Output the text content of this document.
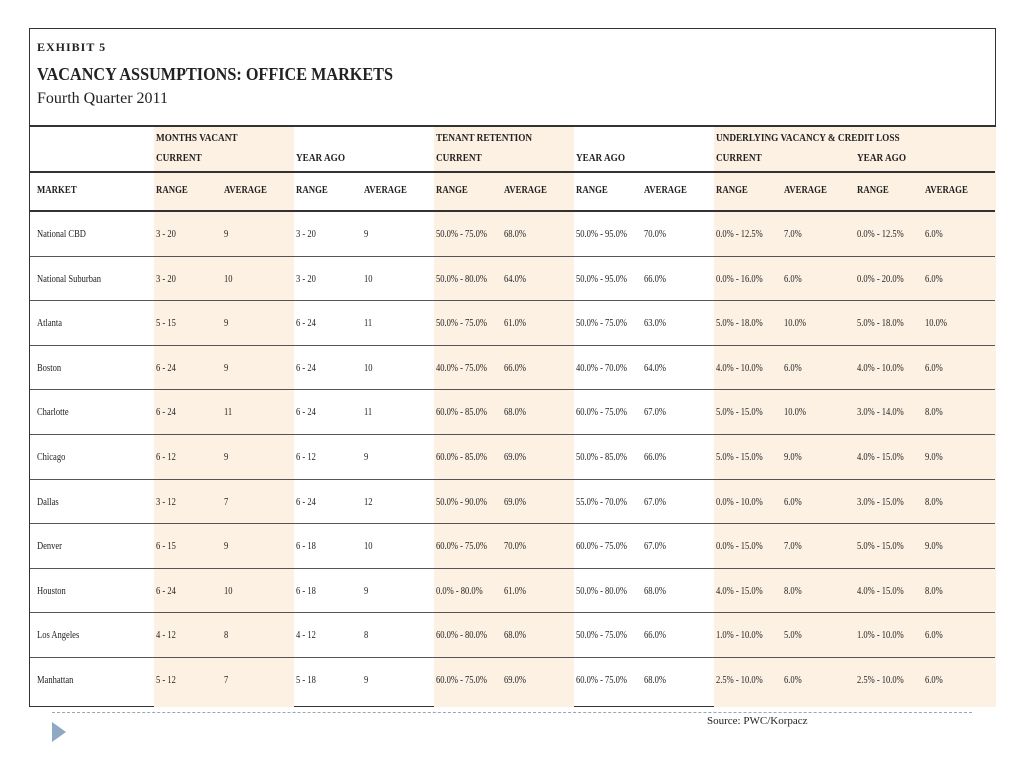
EXHIBIT 5
VACANCY ASSUMPTIONS: OFFICE MARKETS
Fourth Quarter 2011
MONTHS VACANT	TENANT RETENTION	UNDERLYING VACANCY & CREDIT LOSS
CURRENT	YEAR AGO	CURRENT	YEAR AGO	CURRENT	YEAR AGO
MARKET	RANGE	AVERAGE	RANGE	AVERAGE	RANGE	AVERAGE	RANGE	AVERAGE	RANGE	AVERAGE	RANGE	AVERAGE
National CBD	3 - 20	9	3 - 20	9	50.0% - 75.0% 68.0%	50.0% - 95.0% 70.0%	0.0% - 12.5% 7.0%	0.0% - 12.5% 6.0%
National Suburban	3 - 20	10	3 - 20	10	50.0% - 80.0% 64.0%	50.0% - 95.0% 66.0%	0.0% - 16.0% 6.0%	0.0% - 20.0% 6.0%
Atlanta	5 - 15	9	6 - 24	11	50.0% - 75.0% 61.0%	50.0% - 75.0% 63.0%	5.0% - 18.0% 10.0%	5.0% - 18.0% 10.0%
Boston	6 - 24	9	6 - 24	10	40.0% - 75.0% 66.0%	40.0% - 70.0% 64.0%	4.0% - 10.0% 6.0%	4.0% - 10.0% 6.0%
Charlotte	6 - 24	11	6 - 24	11	60.0% - 85.0% 68.0%	60.0% - 75.0% 67.0%	5.0% - 15.0% 10.0%	3.0% - 14.0% 8.0%
Chicago	6 - 12	9	6 - 12	9	60.0% - 85.0% 69.0%	50.0% - 85.0% 66.0%	5.0% - 15.0% 9.0%	4.0% - 15.0% 9.0%
Dallas	3 - 12	7	6 - 24	12	50.0% - 90.0% 69.0%	55.0% - 70.0% 67.0%	0.0% - 10.0% 6.0%	3.0% - 15.0% 8.0%
Denver	6 - 15	9	6 - 18	10	60.0% - 75.0% 70.0%	60.0% - 75.0% 67.0%	0.0% - 15.0% 7.0%	5.0% - 15.0% 9.0%
Houston	6 - 24	10	6 - 18	9	0.0% - 80.0% 61.0%	50.0% - 80.0% 68.0%	4.0% - 15.0% 8.0%	4.0% - 15.0% 8.0%
Los Angeles	4 - 12	8	4 - 12	8	60.0% - 80.0% 68.0%	50.0% - 75.0% 66.0%	1.0% - 10.0% 5.0%	1.0% - 10.0% 6.0%
Manhattan	5 - 12	7	5 - 18	9	60.0% - 75.0% 69.0%	60.0% - 75.0% 68.0%	2.5% - 10.0% 6.0%	2.5% - 10.0% 6.0%
Source: PWC/Korpacz
